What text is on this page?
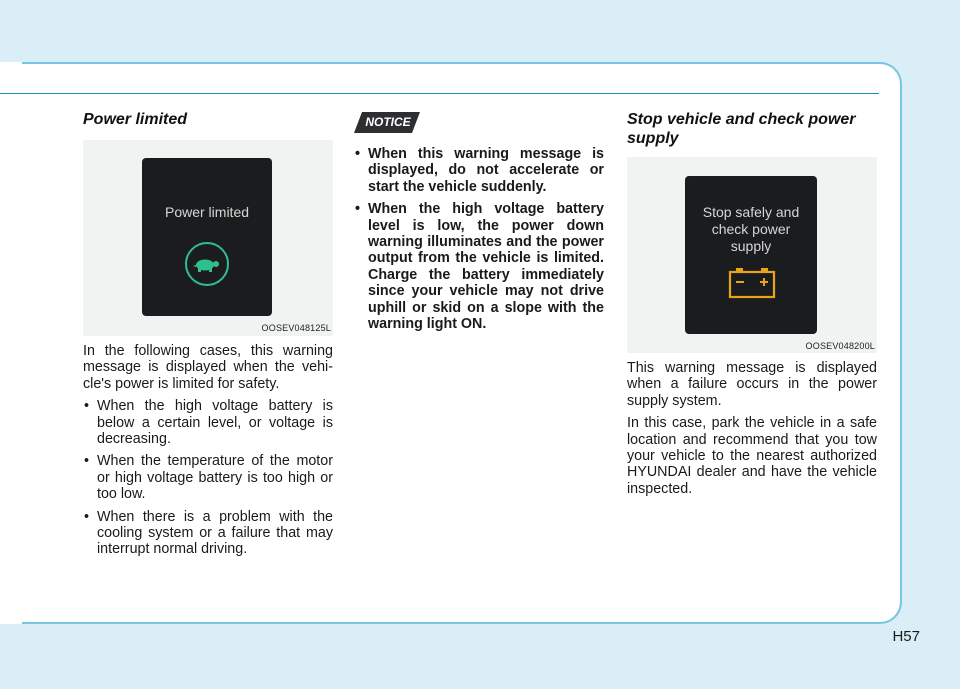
Power limited
Power limited
OOSEV048125L

In the following cases, this warning message is displayed when the vehi-cle's power is limited for safety.

• When the high voltage battery is below a certain level, or voltage is decreasing.
• When the temperature of the motor or high voltage battery is too high or too low.
• When there is a problem with the cooling system or a failure that may interrupt normal driving.
NOTICE
• When this warning message is displayed, do not accelerate or start the vehicle suddenly.
• When the high voltage battery level is low, the power down warning illuminates and the power output from the vehicle is limited. Charge the battery immediately since your vehicle may not drive uphill or skid on a slope with the warning light ON.
Stop vehicle and check power supply
Stop safely and check power supply
OOSEV048200L

This warning message is displayed when a failure occurs in the power supply system.

In this case, park the vehicle in a safe location and recommend that you tow your vehicle to the nearest authorized HYUNDAI dealer and have the vehicle inspected.

H57
